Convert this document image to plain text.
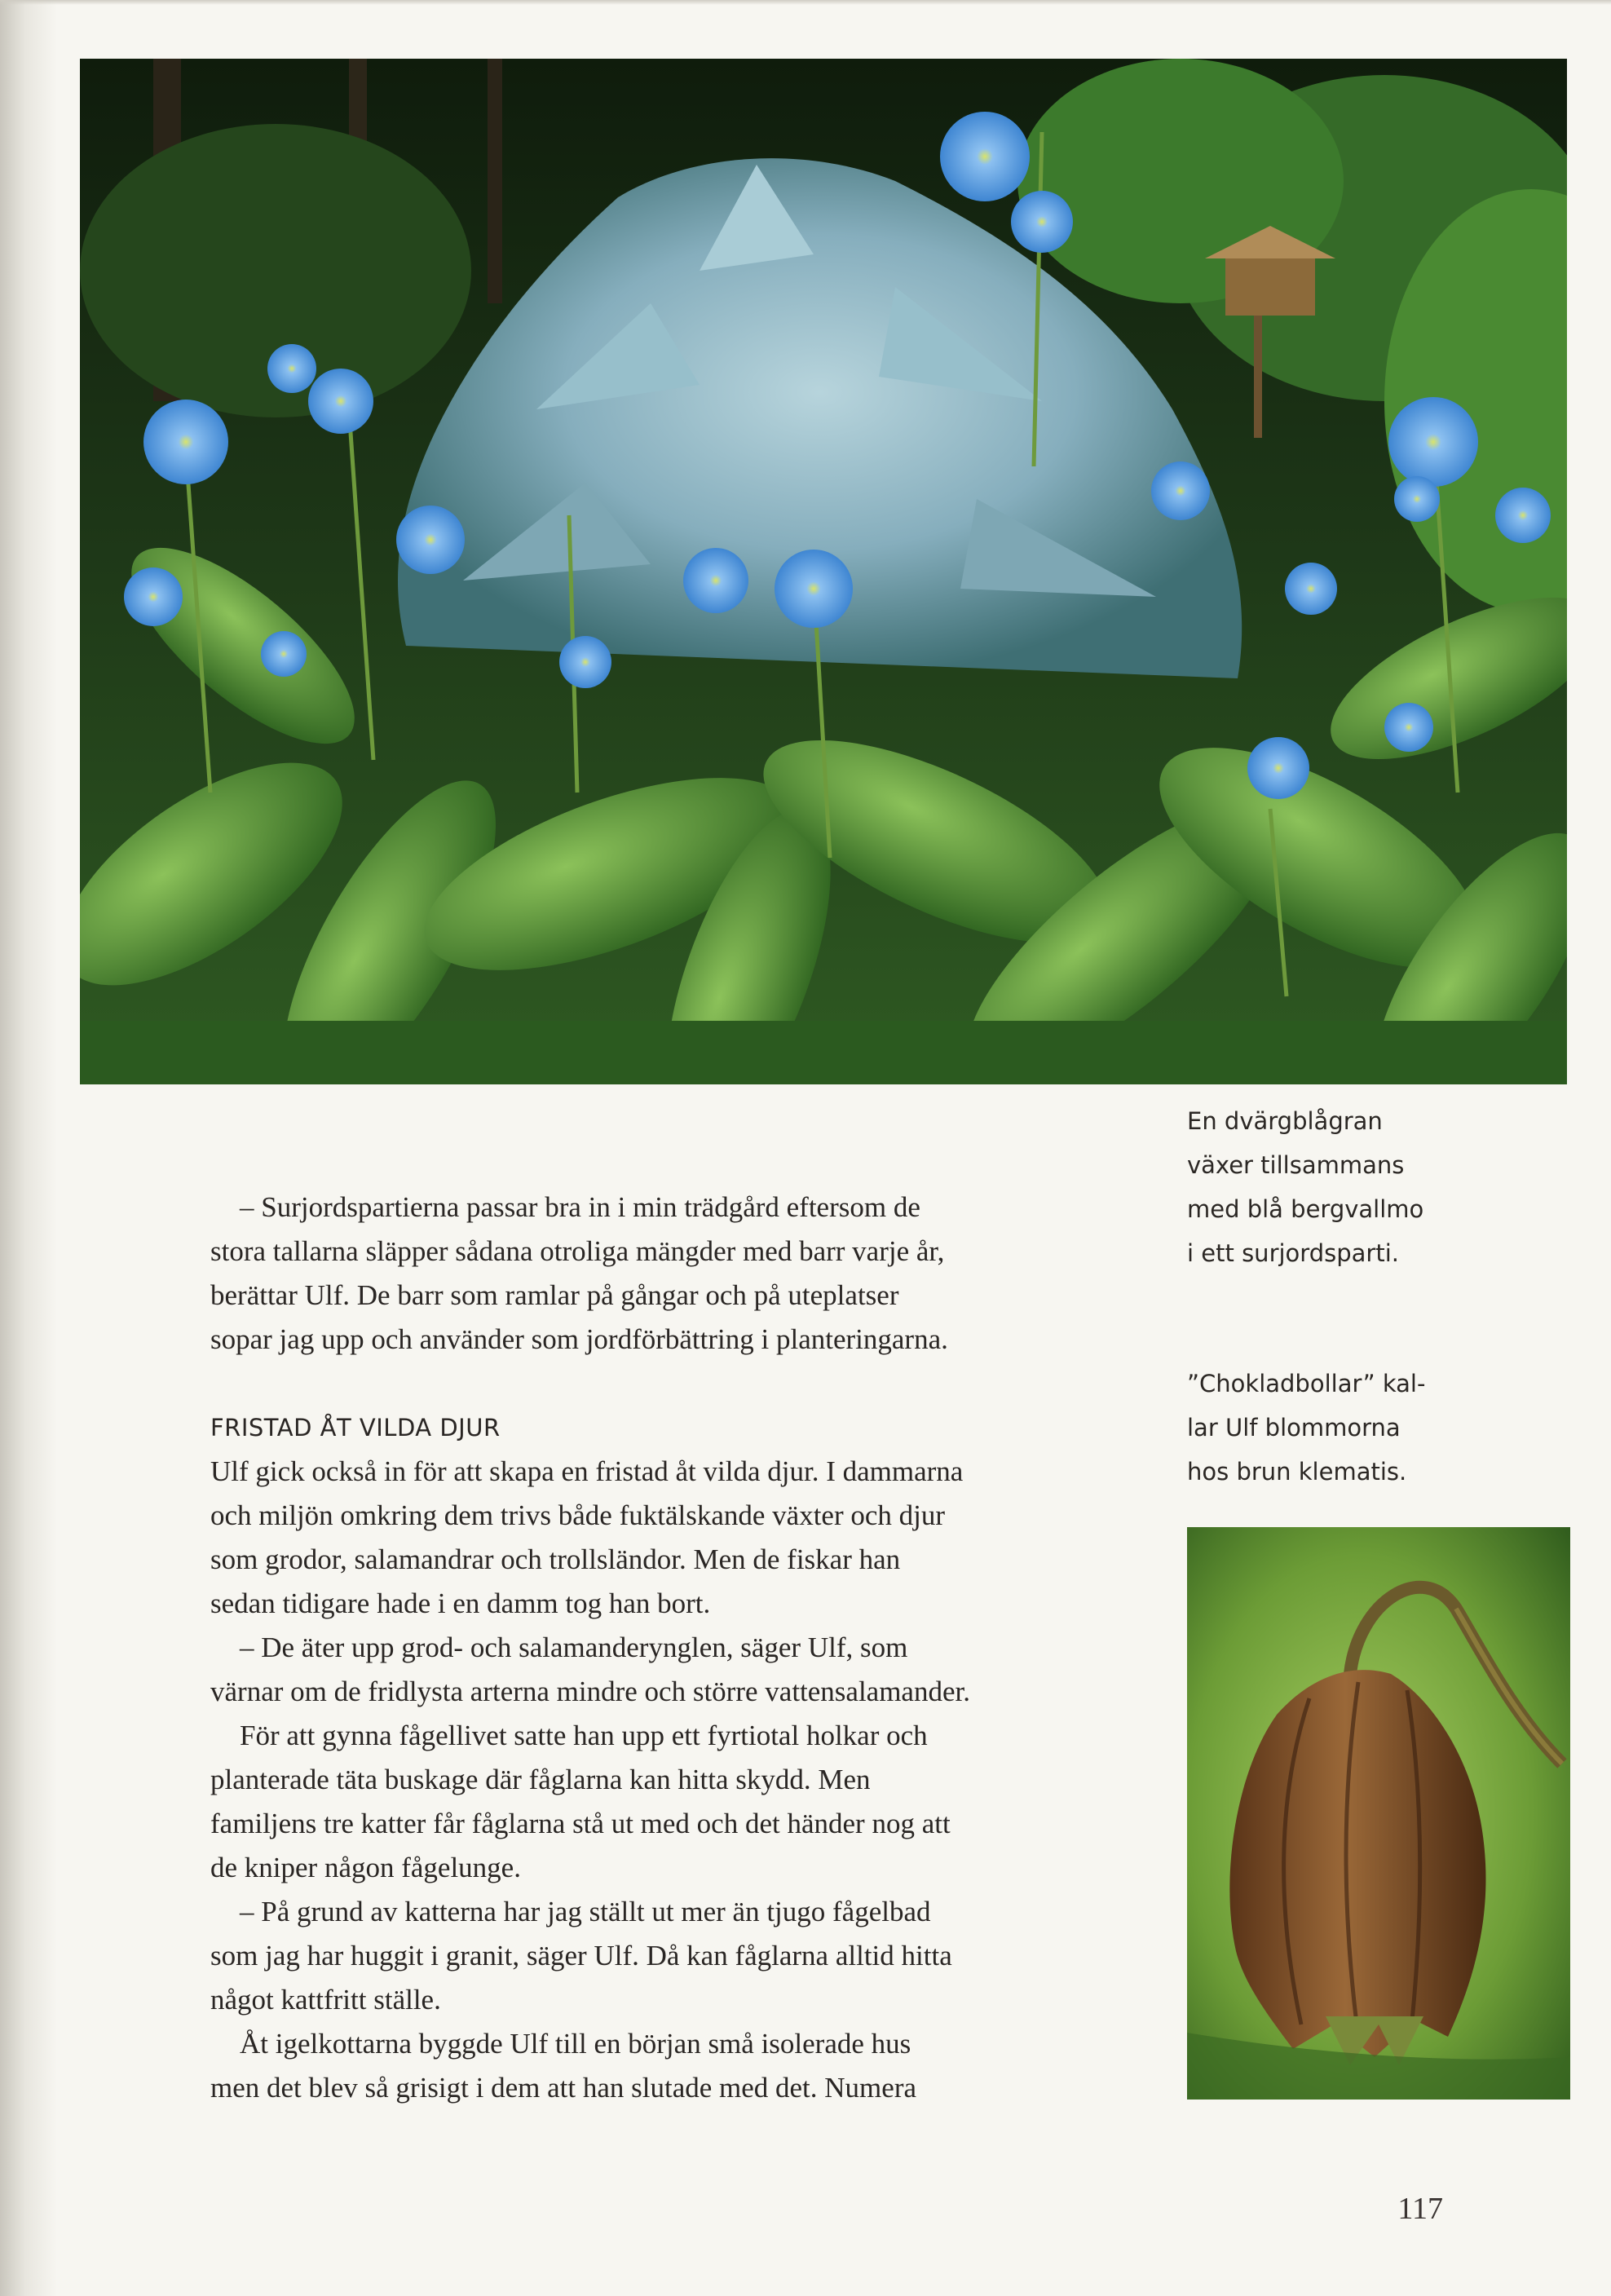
En dvärgblågran
växer tillsammans
med blå bergvallmo
i ett surjordsparti.

”Chokladbollar” kal-
lar Ulf blommorna
hos brun klematis.

– Surjordspartierna passar bra in i min trädgård eftersom de

stora tallarna släpper sådana otroliga mängder med barr varje år,

berättar Ulf. De barr som ramlar på gångar och på uteplatser

sopar jag upp och använder som jordförbättring i planteringarna.

FRISTAD ÅT VILDA DJUR

Ulf gick också in för att skapa en fristad åt vilda djur. I dammarna

och miljön omkring dem trivs både fuktälskande växter och djur

som grodor, salamandrar och trollsländor. Men de fiskar han

sedan tidigare hade i en damm tog han bort.

– De äter upp grod- och salamanderynglen, säger Ulf, som

värnar om de fridlysta arterna mindre och större vattensalamander.

För att gynna fågellivet satte han upp ett fyrtiotal holkar och

planterade täta buskage där fåglarna kan hitta skydd. Men

familjens tre katter får fåglarna stå ut med och det händer nog att

de kniper någon fågelunge.

– På grund av katterna har jag ställt ut mer än tjugo fågelbad

som jag har huggit i granit, säger Ulf. Då kan fåglarna alltid hitta

något kattfritt ställe.

Åt igelkottarna byggde Ulf till en början små isolerade hus

men det blev så grisigt i dem att han slutade med det. Numera

117
